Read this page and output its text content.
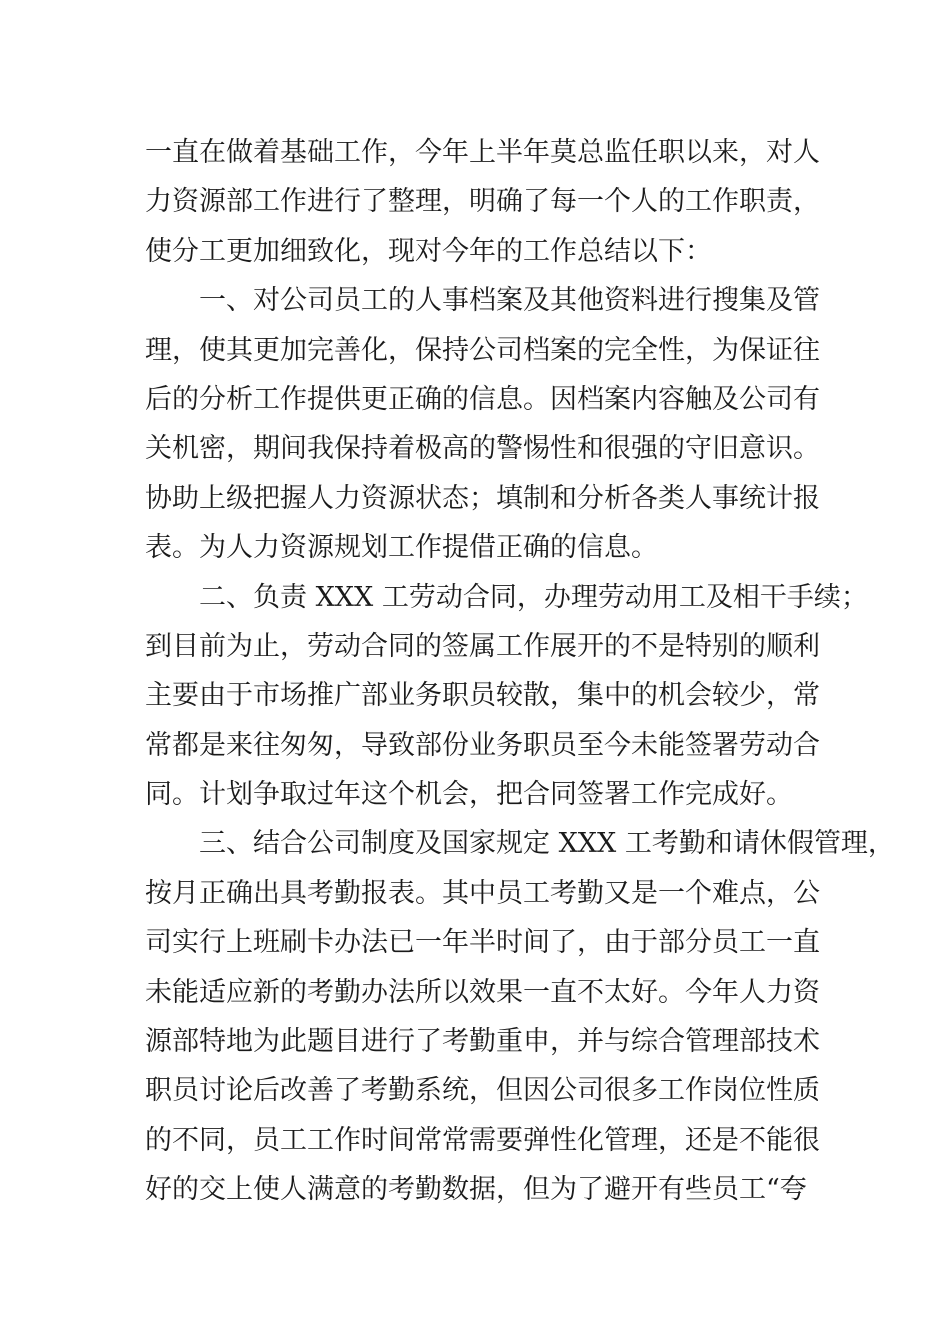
一直在做着基础工作，今年上半年莫总监任职以来，对人
力资源部工作进行了整理，明确了每一个人的工作职责，
使分工更加细致化，现对今年的工作总结以下：
一、对公司员工的人事档案及其他资料进行搜集及管
理，使其更加完善化，保持公司档案的完全性，为保证往
后的分析工作提供更正确的信息。因档案内容触及公司有
关机密，期间我保持着极高的警惕性和很强的守旧意识。
协助上级把握人力资源状态；填制和分析各类人事统计报
表。为人力资源规划工作提借正确的信息。
二、负责 XXX 工劳动合同，办理劳动用工及相干手续；
到目前为止，劳动合同的签属工作展开的不是特别的顺利
主要由于市场推广部业务职员较散，集中的机会较少，常
常都是来往匆匆，导致部份业务职员至今未能签署劳动合
同。计划争取过年这个机会，把合同签署工作完成好。
三、结合公司制度及国家规定 XXX 工考勤和请休假管理，
按月正确出具考勤报表。其中员工考勤又是一个难点，公
司实行上班刷卡办法已一年半时间了，由于部分员工一直
未能适应新的考勤办法所以效果一直不太好。今年人力资
源部特地为此题目进行了考勤重申，并与综合管理部技术
职员讨论后改善了考勤系统，但因公司很多工作岗位性质
的不同，员工工作时间常常需要弹性化管理，还是不能很
好的交上使人满意的考勤数据，但为了避开有些员工“夸
